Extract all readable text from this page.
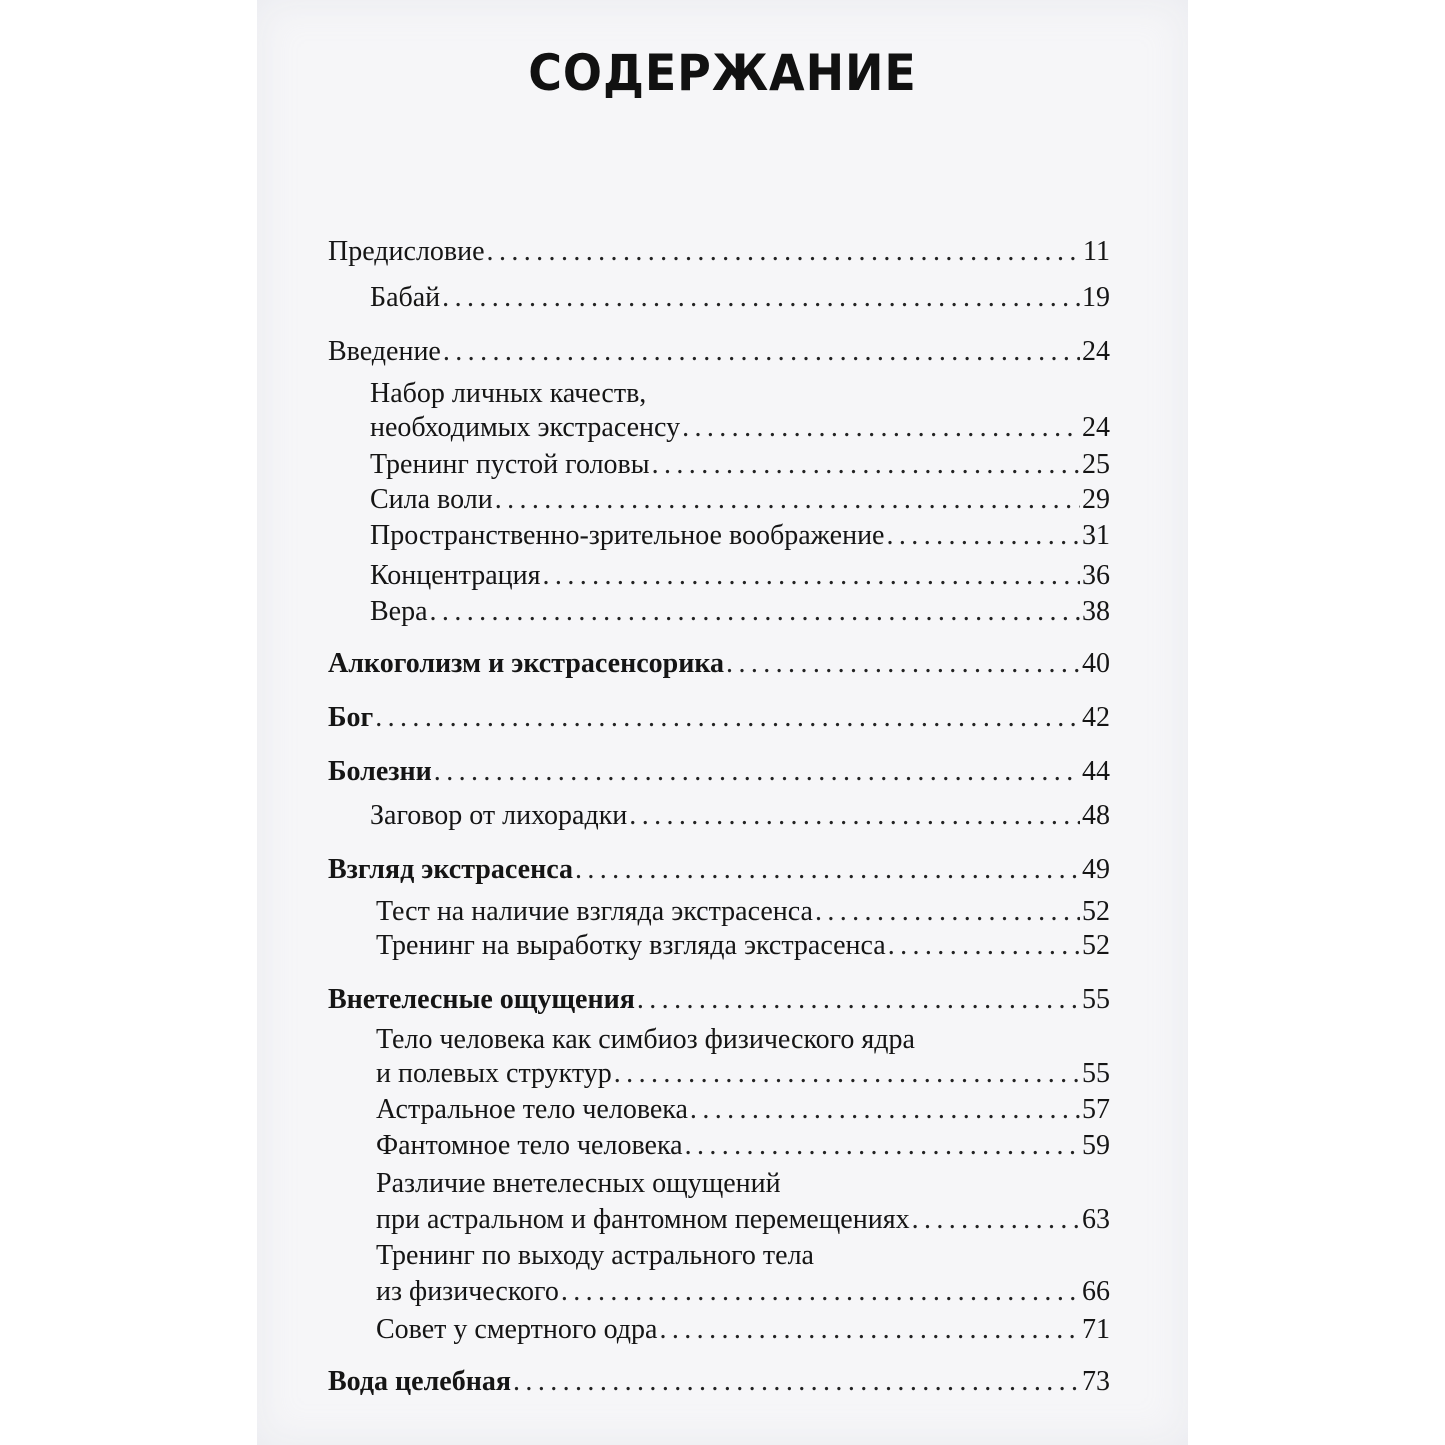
СОДЕРЖАНИЕ
Предисловие .....	11
Бабай .....	19
Введение .....	24
Набор личных качеств,
необходимых экстрасенсу .....	24
Тренинг пустой головы .....	25
Сила воли .....	29
Пространственно-зрительное воображение .....	31
Концентрация .....	36
Вера .....	38
Алкоголизм и экстрасенсорика .....	40
Бог .....	42
Болезни .....	44
Заговор от лихорадки .....	48
Взгляд экстрасенса .....	49
Тест на наличие взгляда экстрасенса .....	52
Тренинг на выработку взгляда экстрасенса .....	52
Внетелесные ощущения .....	55
Тело человека как симбиоз физического ядра
и полевых структур .....	55
Астральное тело человека .....	57
Фантомное тело человека .....	59
Различие внетелесных ощущений
при астральном и фантомном перемещениях .....	63
Тренинг по выходу астрального тела
из физического .....	66
Совет у смертного одра .....	71
Вода целебная .....	73
